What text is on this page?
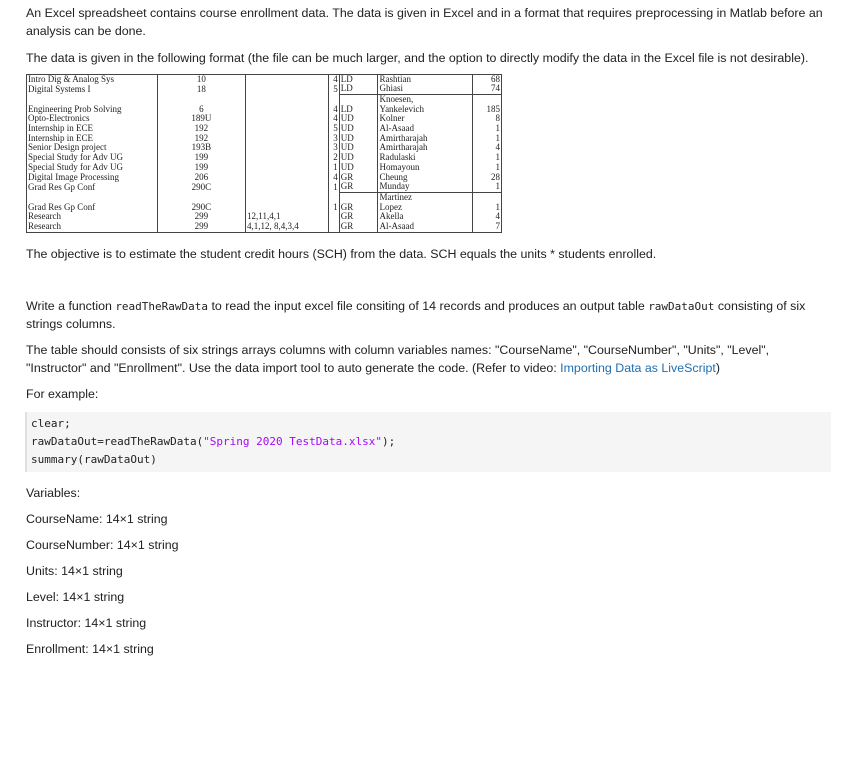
An Excel spreadsheet contains course enrollment data. The data is given in Excel and in a format that requires preprocessing in Matlab before an analysis can be done.

The data is given in the following format (the file can be much larger, and the option to directly modify the data in the Excel file is not desirable).

Intro Dig & Analog Sys	10		4	LD	Rashtian	68
Digital Systems I	18		5	LD	Ghiasi	74
					Knoesen,	
Engineering Prob Solving	6		4	LD	Yankelevich	185
Opto-Electronics	189U		4	UD	Kolner	8
Internship in ECE	192		5	UD	Al-Asaad	1
Internship in ECE	192		3	UD	Amirtharajah	1
Senior Design project	193B		3	UD	Amirtharajah	4
Special Study for Adv UG	199		2	UD	Radulaski	1
Special Study for Adv UG	199		1	UD	Homayoun	1
Digital Image Processing	206		4	GR	Cheung	28
Grad Res Gp Conf	290C		1	GR	Munday	1
					Martinez	
Grad Res Gp Conf	290C		1	GR	Lopez	1
Research	299	12,11,4,1		GR	Akella	4
Research	299	4,1,12, 8,4,3,4		GR	Al-Asaad	7

The objective is to estimate the student credit hours (SCH) from the data. SCH equals the units * students enrolled.

Write a function readTheRawData to read the input excel file consiting of 14 records and produces an output table rawDataOut consisting of six strings columns.

The table should consists of six strings arrays columns with column variables names: "CourseName", "CourseNumber", "Units", "Level", "Instructor" and "Enrollment". Use the data import tool to auto generate the code. (Refer to video: Importing Data as LiveScript)

For example:

clear;
rawDataOut=readTheRawData("Spring 2020 TestData.xlsx");
summary(rawDataOut)

Variables:

CourseName: 14×1 string

CourseNumber: 14×1 string

Units: 14×1 string

Level: 14×1 string

Instructor: 14×1 string

Enrollment: 14×1 string
